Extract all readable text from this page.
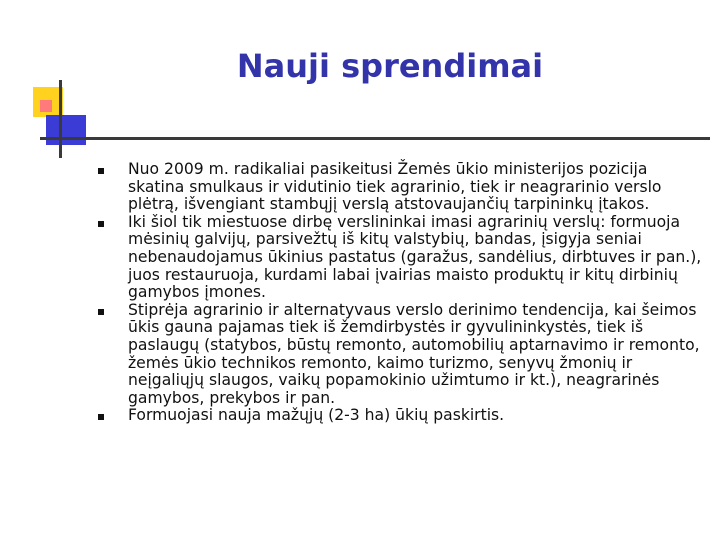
Nauji sprendimai
Nuo 2009 m. radikaliai pasikeitusi Žemės ūkio ministerijos pozicija skatina smulkaus ir vidutinio tiek agrarinio, tiek ir neagrarinio verslo plėtrą, išvengiant stambųjį verslą atstovaujančių tarpininkų įtakos.
Iki šiol tik miestuose dirbę verslininkai imasi agrarinių verslų: formuoja mėsinių galvijų, parsivežtų iš kitų valstybių, bandas, įsigyja seniai nebenaudojamus ūkinius pastatus (garažus, sandėlius, dirbtuves ir pan.), juos restauruoja, kurdami labai įvairias maisto produktų ir kitų dirbinių gamybos įmones.
Stiprėja agrarinio ir alternatyvaus verslo derinimo tendencija, kai šeimos ūkis gauna pajamas tiek iš žemdirbystės ir gyvulininkystės, tiek iš paslaugų (statybos, būstų remonto, automobilių aptarnavimo ir remonto, žemės ūkio technikos remonto, kaimo turizmo, senyvų žmonių ir neįgaliųjų slaugos, vaikų popamokinio užimtumo ir kt.), neagrarinės gamybos, prekybos ir pan.
Formuojasi nauja mažųjų (2-3 ha) ūkių paskirtis.
